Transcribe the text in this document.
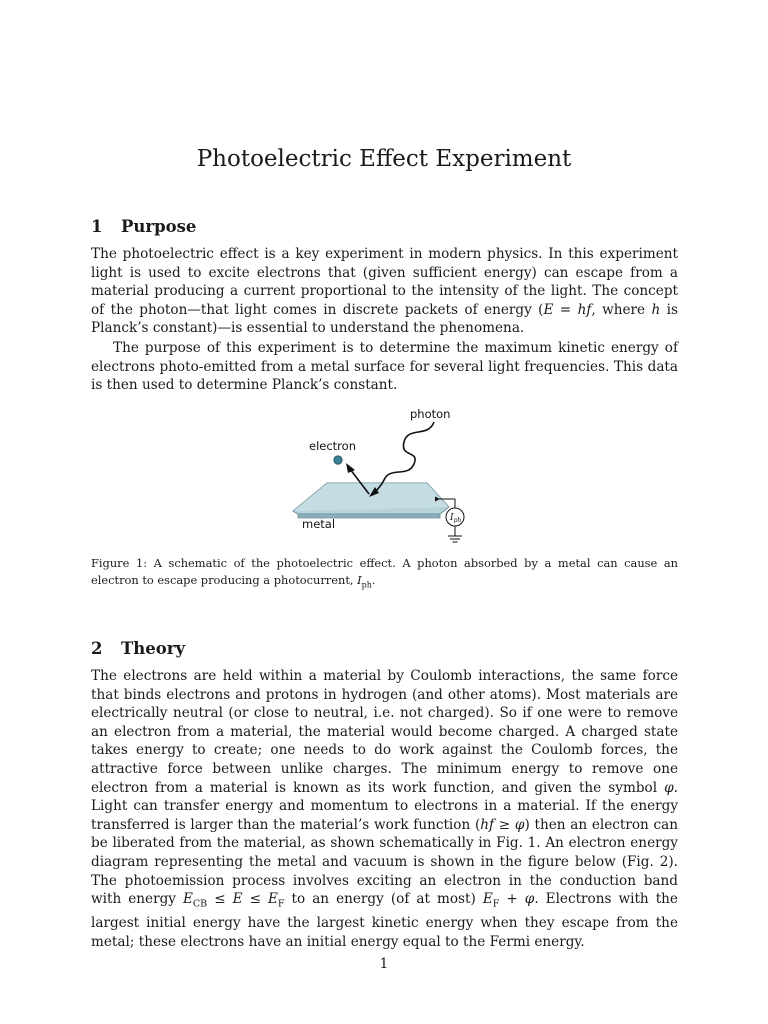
Photoelectric Effect Experiment
1 Purpose

The photoelectric effect is a key experiment in modern physics. In this experiment light is used to excite electrons that (given sufficient energy) can escape from a material producing a current proportional to the intensity of the light. The concept of the photon—that light comes in discrete packets of energy (E = hf, where h is Planck’s constant)—is essential to understand the phenomena.

The purpose of this experiment is to determine the maximum kinetic energy of electrons photo-emitted from a metal surface for several light frequencies. This data is then used to determine Planck’s constant.

$I_{ph}$
photon
electron
metal

Figure 1: A schematic of the photoelectric effect. A photon absorbed by a metal can cause an electron to escape producing a photocurrent, $I_{ph}$.

2 Theory

The electrons are held within a material by Coulomb interactions, the same force that binds electrons and protons in hydrogen (and other atoms). Most materials are electrically neutral (or close to neutral, i.e. not charged). So if one were to remove an electron from a material, the material would become charged. A charged state takes energy to create; one needs to do work against the Coulomb forces, the attractive force between unlike charges. The minimum energy to remove one electron from a material is known as its work function, and given the symbol φ. Light can transfer energy and momentum to electrons in a material. If the energy transferred is larger than the material’s work function (hf ≥ φ) then an electron can be liberated from the material, as shown schematically in Fig. 1. An electron energy diagram representing the metal and vacuum is shown in the figure below (Fig. 2). The photoemission process involves exciting an electron in the conduction band with energy $E_{CB} \le E \le E_F$ to an energy (of at most) $E_F + \varphi$. Electrons with the largest initial energy have the largest kinetic energy when they escape from the metal; these electrons have an initial energy equal to the Fermi energy.

1
